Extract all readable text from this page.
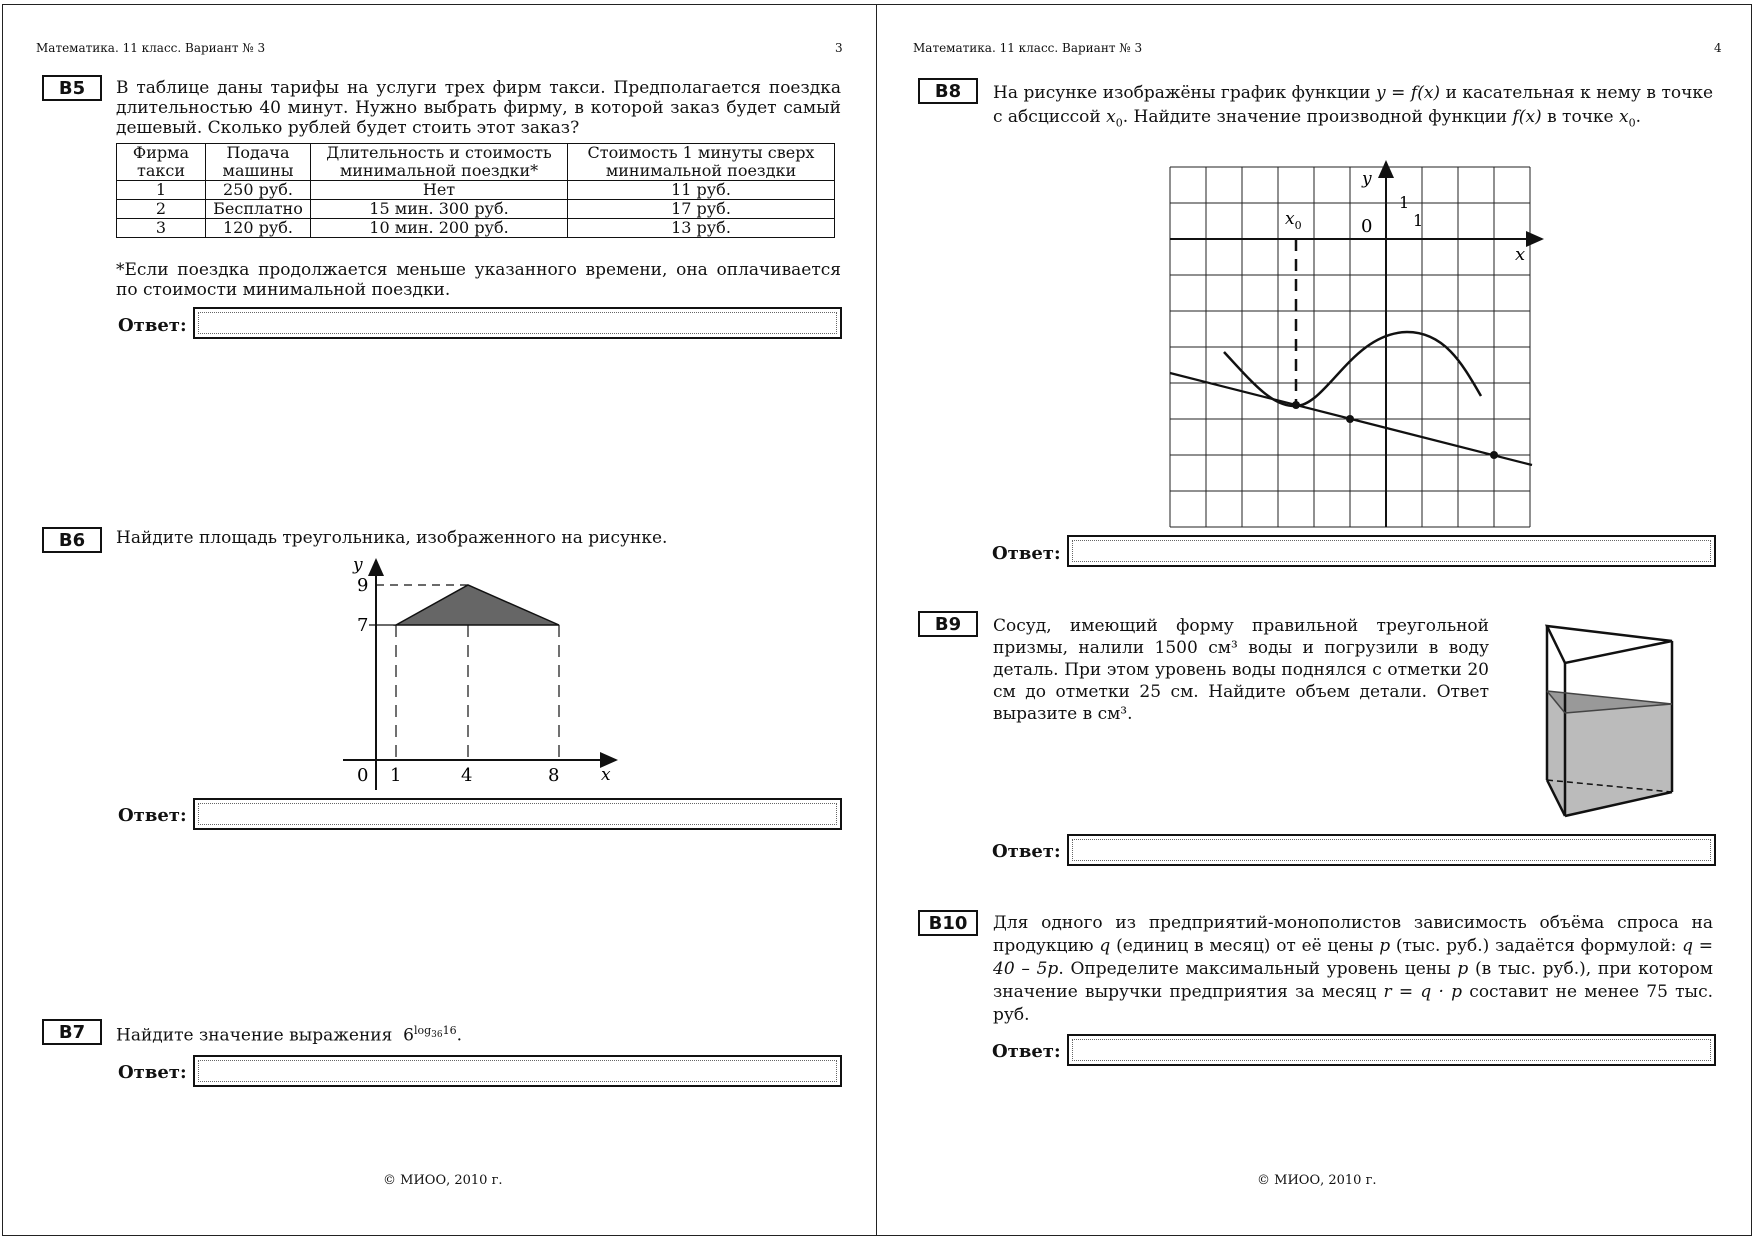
Математика. 11 класс. Вариант № 3	3
B5	В таблице даны тарифы на услуги трех фирм такси. Предполагается поездка длительностью 40 минут. Нужно выбрать фирму, в которой заказ будет самый дешевый. Сколько рублей будет стоить этот заказ?
Фирма такси	Подача машины	Длительность и стоимость минимальной поездки*	Стоимость 1 минуты сверх минимальной поездки
1	250 руб.	Нет	11 руб.
2	Бесплатно	15 мин. 300 руб.	17 руб.
3	120 руб.	10 мин. 200 руб.	13 руб.
*Если поездка продолжается меньше указанного времени, она оплачивается по стоимости минимальной поездки.
Ответ:
B6	Найдите площадь треугольника, изображенного на рисунке.
y
9
7
0 1	4	8 x
Ответ:
B7	Найдите значение выражения $6^{log_{36}16}$.
Ответ:
© МИОО, 2010 г.
Математика. 11 класс. Вариант № 3	4
B8	На рисунке изображёны график функции y = f(x) и касательная к нему в точке с абсциссой $x_0$. Найдите значение производной функции f(x) в точке $x_0$.
y
1
1
0
x
$x_0$
Ответ:
B9	Сосуд, имеющий форму правильной треугольной призмы, налили 1500 см³ воды и погрузили в воду деталь. При этом уровень воды поднялся с отметки 20 см до отметки 25 см. Найдите объем детали. Ответ выразите в см³.
Ответ:
B10	Для одного из предприятий-монополистов зависимость объёма спроса на продукцию q (единиц в месяц) от её цены p (тыс. руб.) задаётся формулой: q = 40 – 5p. Определите максимальный уровень цены p (в тыс. руб.), при котором значение выручки предприятия за месяц r = q · p составит не менее 75 тыс. руб.
Ответ:
© МИОО, 2010 г.
